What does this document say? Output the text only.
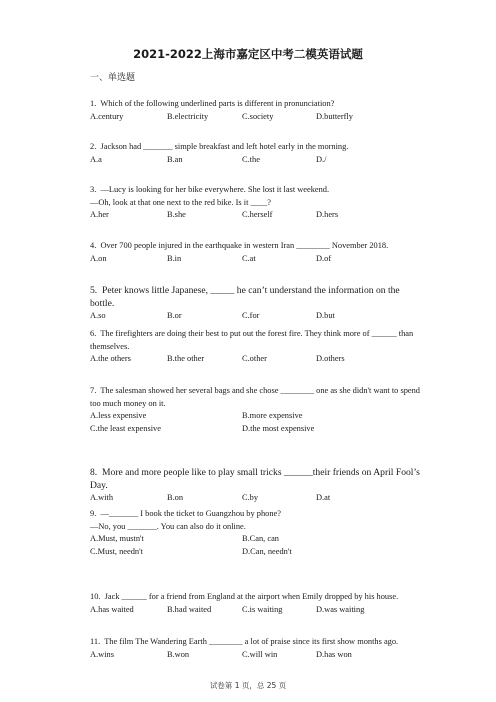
2021-2022上海市嘉定区中考二模英语试题
一、单选题
1.  Which of the following underlined parts is different in pronunciation?
A.century	B.electricity	C.society	D.butterfly
2.  Jackson had _______ simple breakfast and left hotel early in the morning.
A.a	B.an	C.the	D./
3.  —Lucy is looking for her bike everywhere. She lost it last weekend.
—Oh, look at that one next to the red bike. Is it ____?
A.her	B.she	C.herself	D.hers
4.  Over 700 people injured in the earthquake in western Iran ________ November 2018.
A.on	B.in	C.at	D.of
5.  Peter knows little Japanese, _____ he can’t understand the information on the bottle.
A.so	B.or	C.for	D.but
6.  The firefighters are doing their best to put out the forest fire. They think more of ______ than themselves.
A.the others	B.the other	C.other	D.others
7.  The salesman showed her several bags and she chose ________ one as she didn't want to spend too much money on it.
A.less expensive	B.more expensive
C.the least expensive	D.the most expensive
8.  More and more people like to play small tricks ______their friends on April Fool’s Day.
A.with	B.on	C.by	D.at
9.  —_______ I book the ticket to Guangzhou by phone?
—No, you _______. You can also do it online.
A.Must, mustn't	B.Can, can
C.Must, needn't	D.Can, needn't
10.  Jack ______ for a friend from England at the airport when Emily dropped by his house.
A.has waited	B.had waited	C.is waiting	D.was waiting
11.  The film The Wandering Earth ________ a lot of praise since its first show months ago.
A.wins	B.won	C.will win	D.has won
试卷第 1 页，总 25 页
